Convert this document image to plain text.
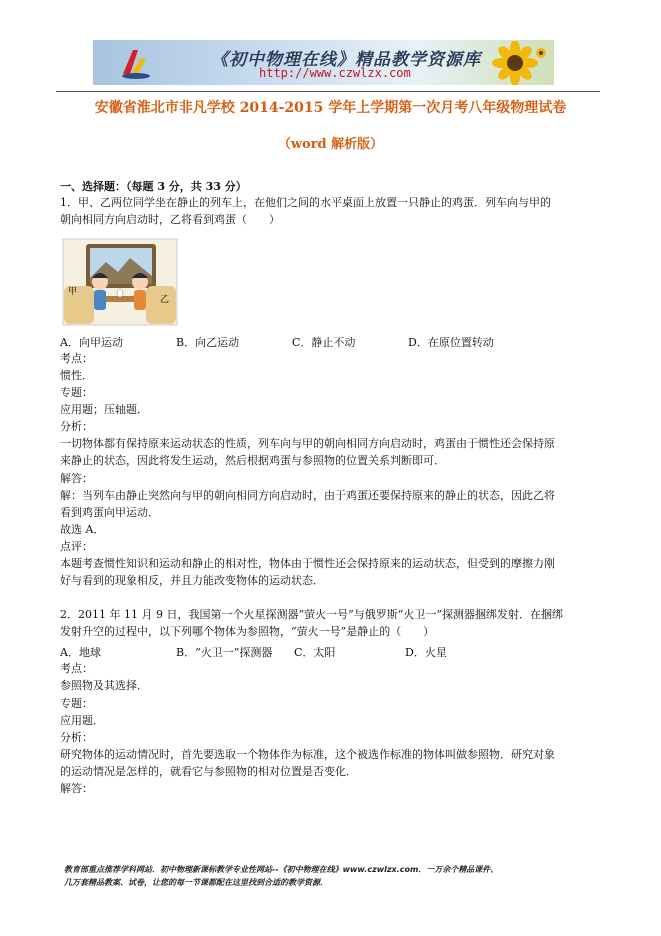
《初中物理在线》精品教学资源库
http://www.czwlzx.com
安徽省淮北市非凡学校 2014-2015 学年上学期第一次月考八年级物理试卷
（word 解析版）
一、选择题：（每题 3 分，共 33 分）
1．甲、乙两位同学坐在静止的列车上，在他们之间的水平桌面上放置一只静止的鸡蛋．列车向与甲的
朝向相同方向启动时，乙将看到鸡蛋（　　）
甲
乙
A．向甲运动	B．向乙运动	C．静止不动	D．在原位置转动
考点：
惯性．
专题：
应用题；压轴题．
分析：
一切物体都有保持原来运动状态的性质，列车向与甲的朝向相同方向启动时，鸡蛋由于惯性还会保持原
来静止的状态，因此将发生运动，然后根据鸡蛋与参照物的位置关系判断即可．
解答：
解：当列车由静止突然向与甲的朝向相同方向启动时，由于鸡蛋还要保持原来的静止的状态，因此乙将
看到鸡蛋向甲运动．
故选 A．
点评：
本题考查惯性知识和运动和静止的相对性，物体由于惯性还会保持原来的运动状态，但受到的摩擦力刚
好与看到的现象相反，并且力能改变物体的运动状态．
2．2011 年 11 月 9 日，我国第一个火星探测器“萤火一号”与俄罗斯“火卫一”探测器捆绑发射．在捆绑
发射升空的过程中，以下列哪个物体为参照物，“萤火一号”是静止的（　　）
A．地球	B．“火卫一”探测器 C．太阳	D．火星
考点：
参照物及其选择．
专题：
应用题．
分析：
研究物体的运动情况时，首先要选取一个物体作为标准，这个被选作标准的物体叫做参照物．研究对象
的运动情况是怎样的，就看它与参照物的相对位置是否变化．
解答：
教育部重点推荐学科网站．初中物理新课标教学专业性网站--《初中物理在线》www.czwlzx.com．一万余个精品课件、
几万套精品教案、试卷，让您的每一节课都配在这里找到合适的教学资源．
